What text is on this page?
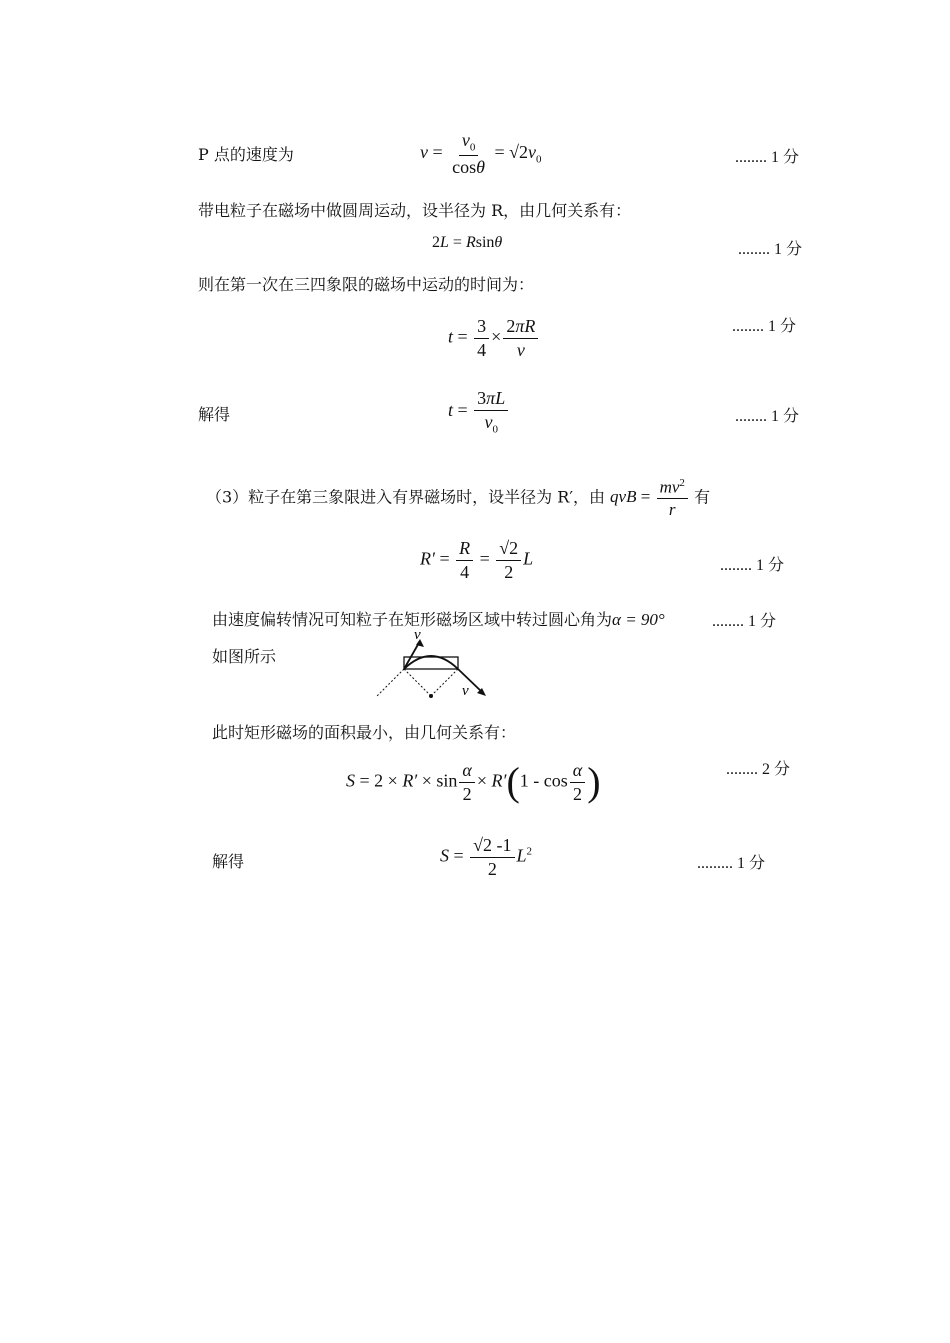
P 点的速度为	$v = \frac{v_0}{\cos\theta} = √2v_0$	........ 1 分
带电粒子在磁场中做圆周运动，设半径为 R，由几何关系有：
2L = Rsinθ	........ 1 分
则在第一次在三四象限的磁场中运动的时间为：
$t = \frac{3}{4} \times \frac{2\pi R}{v}$	........ 1 分
解得	$t = \frac{3\pi L}{v_0}$	........ 1 分
（3）粒子在第三象限进入有界磁场时，设半径为 R′，由 qvB = $\frac{mv^2}{r}$ 有
$R' = \frac{R}{4} = \frac{√2}{2}$ L	........ 1 分
由速度偏转情况可知粒子在矩形磁场区域中转过圆心角为α = 90°	........ 1 分
如图所示
v
v
此时矩形磁场的面积最小，由几何关系有：
$S = 2 \times R' \times \sin \frac{\alpha}{2} \times R'(1 - \cos \frac{\alpha}{2}$ )	........ 2 分
解得	$S = \frac{√2 -1}{2} L^2$
......... 1 分
